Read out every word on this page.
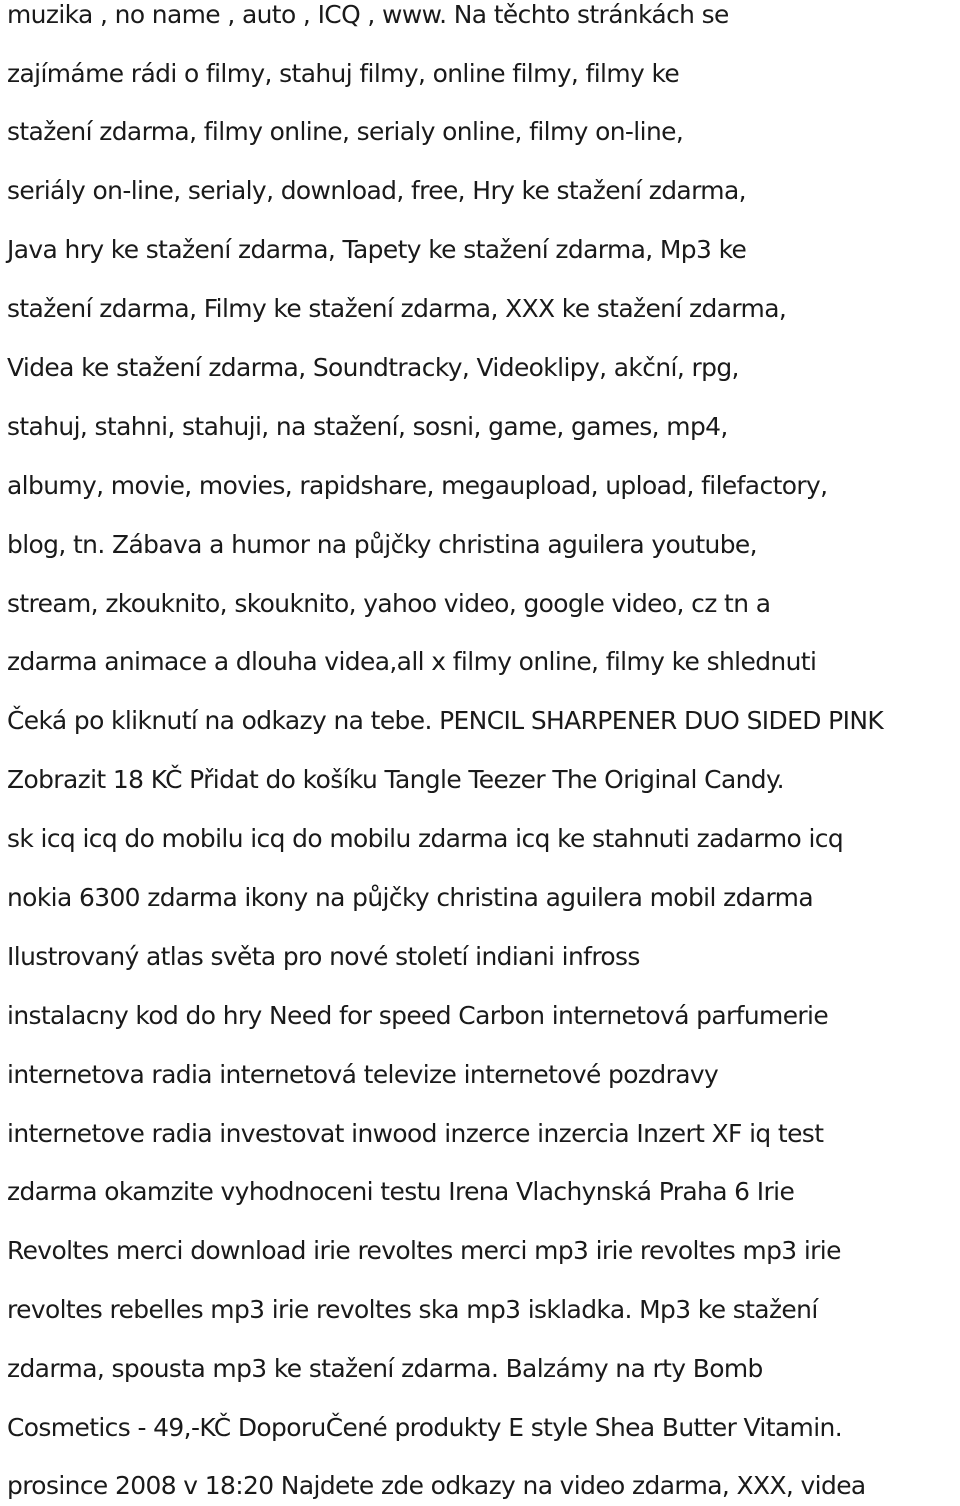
muzika , no name , auto , ICQ , www. Na těchto stránkách se
zajímáme rádi o filmy, stahuj filmy, online filmy, filmy ke
stažení zdarma, filmy online, serialy online, filmy on-line,
seriály on-line, serialy, download, free, Hry ke stažení zdarma,
Java hry ke stažení zdarma, Tapety ke stažení zdarma, Mp3 ke
stažení zdarma, Filmy ke stažení zdarma, XXX ke stažení zdarma,
Videa ke stažení zdarma, Soundtracky, Videoklipy, akční, rpg,
stahuj, stahni, stahuji, na stažení, sosni, game, games, mp4,
albumy, movie, movies, rapidshare, megaupload, upload, filefactory,
blog, tn. Zábava a humor na půjčky christina aguilera youtube,
stream, zkouknito, skouknito, yahoo video, google video, cz tn a
zdarma animace a dlouha videa,all x filmy online, filmy ke shlednuti
Čeká po kliknutí na odkazy na tebe. PENCIL SHARPENER DUO SIDED PINK
Zobrazit 18 KČ Přidat do košíku Tangle Teezer The Original Candy.
sk icq icq do mobilu icq do mobilu zdarma icq ke stahnuti zadarmo icq
nokia 6300 zdarma ikony na půjčky christina aguilera mobil zdarma
Ilustrovaný atlas světa pro nové století indiani infross
instalacny kod do hry Need for speed Carbon internetová parfumerie
internetova radia internetová televize internetové pozdravy
internetove radia investovat inwood inzerce inzercia Inzert XF iq test
zdarma okamzite vyhodnoceni testu Irena Vlachynská Praha 6 Irie
Revoltes merci download irie revoltes merci mp3 irie revoltes mp3 irie
revoltes rebelles mp3 irie revoltes ska mp3 iskladka. Mp3 ke stažení
zdarma, spousta mp3 ke stažení zdarma. Balzámy na rty Bomb
Cosmetics - 49,-KČ DoporuČené produkty E style Shea Butter Vitamin.
prosince 2008 v 18:20 Najdete zde odkazy na video zdarma, XXX, videa
